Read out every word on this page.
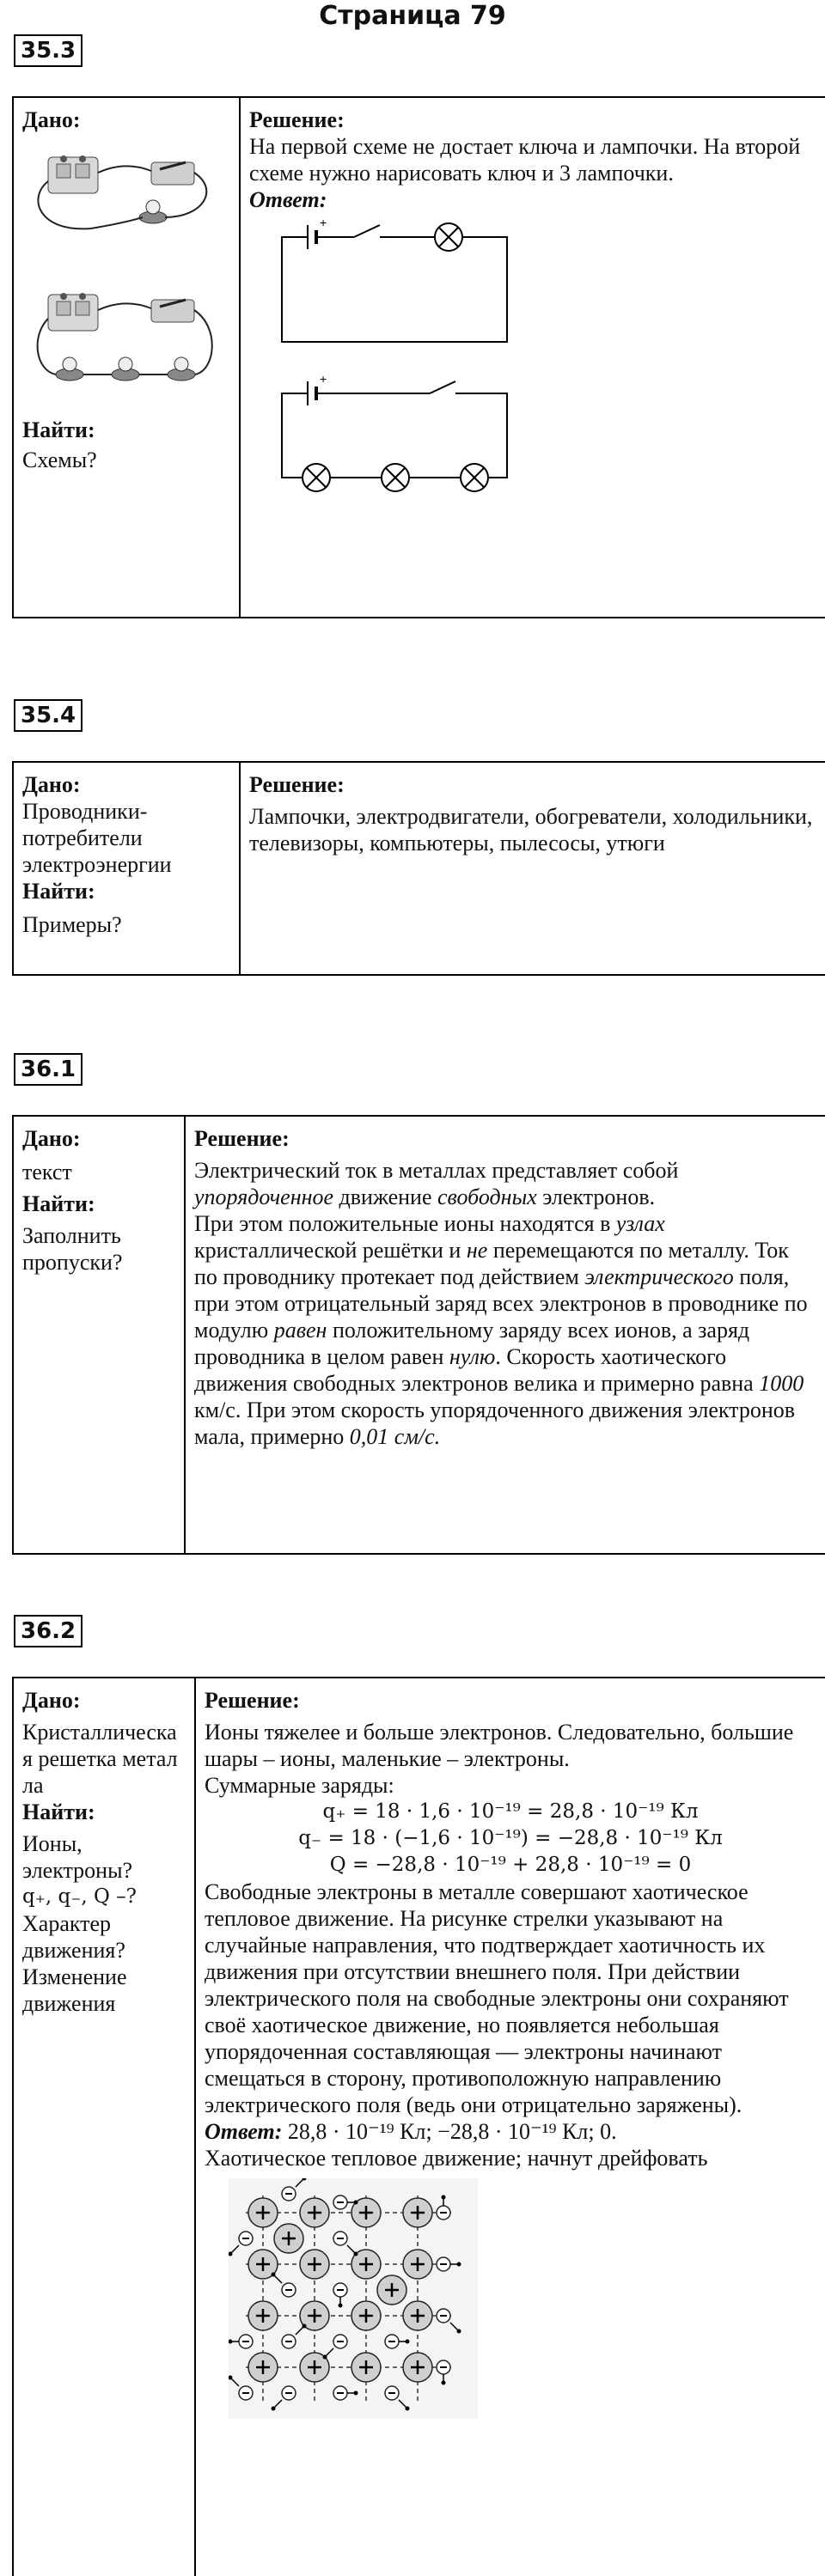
Страница 79
35.3
Дано:
Найти:
Схемы?
Решение:

На первой схеме не достает ключа и лампочки. На второй схеме нужно нарисовать ключ и 3 лампочки.

Ответ:
+
+
35.4
Дано:
Проводники-потребители электроэнергии
Найти:
Примеры?
Решение:

Лампочки, электродвигатели, обогреватели, холодильники, телевизоры, компьютеры, пылесосы, утюги

36.1
Дано:
текст
Найти:
Заполнить пропуски?
Решение:

Электрический ток в металлах представляет собой упорядоченное движение свободных электронов.
При этом положительные ионы находятся в узлах кристаллической решётки и не перемещаются по металлу. Ток по проводнику протекает под действием электрического поля, при этом отрицательный заряд всех электронов в проводнике по модулю равен положительному заряду всех ионов, а заряд проводника в целом равен нулю. Скорость хаотического движения свободных электронов велика и примерно равна 1000 км/с. При этом скорость упорядоченного движения электронов мала, примерно 0,01 см/с.

36.2
Дано:
Кристаллическая решетка металла
Найти:
Ионы, электроны?
q₊, q₋, Q –?
Характер движения?
Изменение движения
Решение:

Ионы тяжелее и больше электронов. Следовательно, большие шары – ионы, маленькие – электроны.

Суммарные заряды:

q₊ = 18 · 1,6 · 10⁻¹⁹ = 28,8 · 10⁻¹⁹ Кл
q₋ = 18 · (−1,6 · 10⁻¹⁹) = −28,8 · 10⁻¹⁹ Кл
Q = −28,8 · 10⁻¹⁹ + 28,8 · 10⁻¹⁹ = 0

Свободные электроны в металле совершают хаотическое тепловое движение. На рисунке стрелки указывают на случайные направления, что подтверждает хаотичность их движения при отсутствии внешнего поля. При действии электрического поля на свободные электроны они сохраняют своё хаотическое движение, но появляется небольшая упорядоченная составляющая — электроны начинают смещаться в сторону, противоположную направлению электрического поля (ведь они отрицательно заряжены).

Ответ: 28,8 · 10⁻¹⁹ Кл; −28,8 · 10⁻¹⁹ Кл; 0.

Хаотическое тепловое движение; начнут дрейфовать
